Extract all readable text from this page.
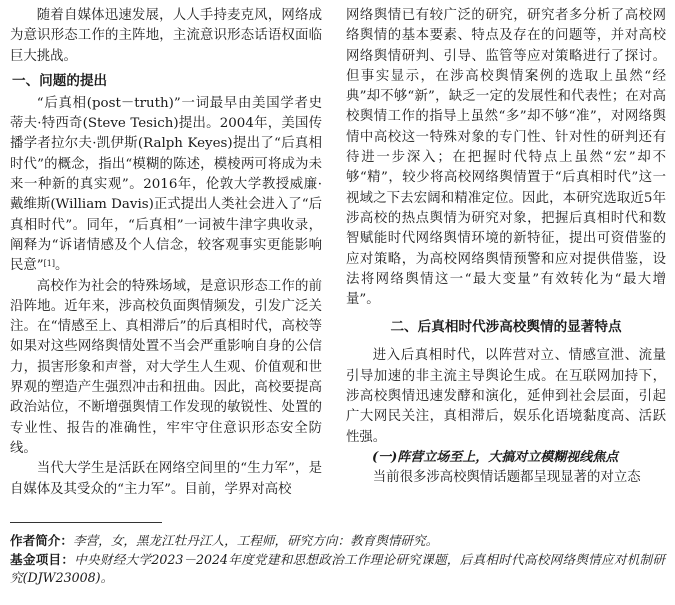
随着自媒体迅速发展，人人手持麦克风，网络成为意识形态工作的主阵地，主流意识形态话语权面临巨大挑战。

一、问题的提出

“后真相(post－truth)”一词最早由美国学者史蒂夫·特西奇(Steve Tesich)提出。2004年，美国传播学者拉尔夫·凯伊斯(Ralph Keyes)提出了“后真相时代”的概念，指出“模糊的陈述，模棱两可将成为未来一种新的真实观”。2016年，伦敦大学教授威廉·戴维斯(William Davis)正式提出人类社会进入了“后真相时代”。同年，“后真相”一词被牛津字典收录，阐释为“诉诸情感及个人信念，较客观事实更能影响民意”[1]。

高校作为社会的特殊场域，是意识形态工作的前沿阵地。近年来，涉高校负面舆情频发，引发广泛关注。在“情感至上、真相滞后”的后真相时代，高校等如果对这些网络舆情处置不当会严重影响自身的公信力，损害形象和声誉，对大学生人生观、价值观和世界观的塑造产生强烈冲击和扭曲。因此，高校要提高政治站位，不断增强舆情工作发现的敏锐性、处置的专业性、报告的准确性，牢牢守住意识形态安全防线。

当代大学生是活跃在网络空间里的“生力军”，是自媒体及其受众的“主力军”。目前，学界对高校

网络舆情已有较广泛的研究，研究者多分析了高校网络舆情的基本要素、特点及存在的问题等，并对高校网络舆情研判、引导、监管等应对策略进行了探讨。但事实显示，在涉高校舆情案例的选取上虽然“经典”却不够“新”，缺乏一定的发展性和代表性；在对高校舆情工作的指导上虽然“多”却不够“准”，对网络舆情中高校这一特殊对象的专门性、针对性的研判还有待进一步深入；在把握时代特点上虽然“宏”却不够“精”，较少将高校网络舆情置于“后真相时代”这一视域之下去宏阔和精准定位。因此，本研究选取近5年涉高校的热点舆情为研究对象，把握后真相时代和数智赋能时代网络舆情环境的新特征，提出可资借鉴的应对策略，为高校网络舆情预警和应对提供借鉴，设法将网络舆情这一“最大变量”有效转化为“最大增量”。

二、后真相时代涉高校舆情的显著特点

进入后真相时代，以阵营对立、情感宣泄、流量引导加速的非主流主导舆论生成。在互联网加持下，涉高校舆情迅速发酵和演化，延伸到社会层面，引起广大网民关注，真相滞后，娱乐化语境黏度高、活跃性强。

(一)阵营立场至上，大搞对立模糊视线焦点

当前很多涉高校舆情话题都呈现显著的对立态

作者简介：李营，女，黑龙江牡丹江人，工程师，研究方向：教育舆情研究。

基金项目：中央财经大学2023－2024年度党建和思想政治工作理论研究课题，后真相时代高校网络舆情应对机制研究(DJW23008)。
